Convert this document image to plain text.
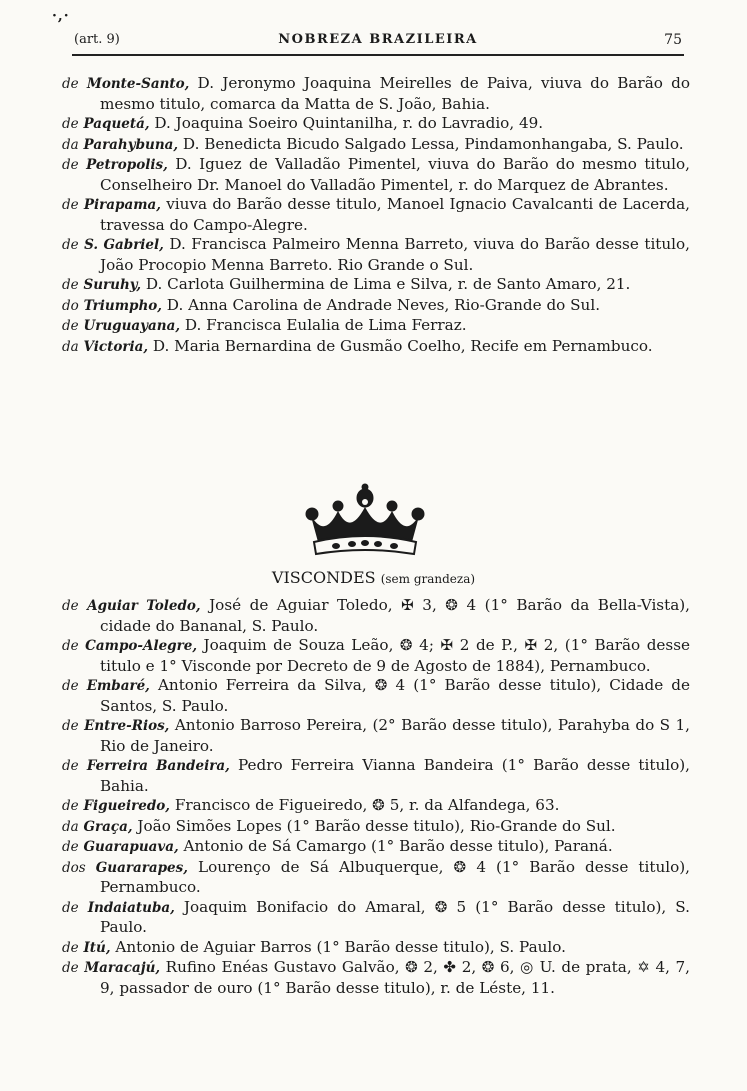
·,·
(art. 9)	NOBREZA BRAZILEIRA	75

de Monte-Santo, D. Jeronymo Joaquina Meirelles de Paiva, viuva do Barão do mesmo titulo, comarca da Matta de S. João, Bahia.

de Paquetá, D. Joaquina Soeiro Quintanilha, r. do Lavradio, 49.

da Parahybuna, D. Benedicta Bicudo Salgado Lessa, Pindamonhangaba, S. Paulo.

de Petropolis, D. Iguez de Valladão Pimentel, viuva do Barão do mesmo titulo, Conselheiro Dr. Manoel do Valladão Pimentel, r. do Marquez de Abrantes.

de Pirapama, viuva do Barão desse titulo, Manoel Ignacio Cavalcanti de Lacerda, travessa do Campo-Alegre.

de S. Gabriel, D. Francisca Palmeiro Menna Barreto, viuva do Barão desse titulo, João Procopio Menna Barreto. Rio Grande o Sul.

de Suruhy, D. Carlota Guilhermina de Lima e Silva, r. de Santo Amaro, 21.

do Triumpho, D. Anna Carolina de Andrade Neves, Rio-Grande do Sul.

de Uruguayana, D. Francisca Eulalia de Lima Ferraz.

da Victoria, D. Maria Bernardina de Gusmão Coelho, Recife em Pernambuco.

VISCONDES (sem grandeza)

de Aguiar Toledo, José de Aguiar Toledo, ✠ 3, ❂ 4 (1° Barão da Bella-Vista), cidade do Bananal, S. Paulo.

de Campo-Alegre, Joaquim de Souza Leão, ❂ 4; ✠ 2 de P., ✠ 2, (1° Barão desse titulo e 1° Visconde por Decreto de 9 de Agosto de 1884), Pernambuco.

de Embaré, Antonio Ferreira da Silva, ❂ 4 (1° Barão desse titulo), Cidade de Santos, S. Paulo.

de Entre-Rios, Antonio Barroso Pereira, (2° Barão desse titulo), Parahyba do S 1, Rio de Janeiro.

de Ferreira Bandeira, Pedro Ferreira Vianna Bandeira (1° Barão desse titulo), Bahia.

de Figueiredo, Francisco de Figueiredo, ❂ 5, r. da Alfandega, 63.

da Graça, João Simões Lopes (1° Barão desse titulo), Rio-Grande do Sul.

de Guarapuava, Antonio de Sá Camargo (1° Barão desse titulo), Paraná.

dos Guararapes, Lourenço de Sá Albuquerque, ❂ 4 (1° Barão desse titulo), Pernambuco.

de Indaiatuba, Joaquim Bonifacio do Amaral, ❂ 5 (1° Barão desse titulo), S. Paulo.

de Itú, Antonio de Aguiar Barros (1° Barão desse titulo), S. Paulo.

de Maracajú, Rufino Enéas Gustavo Galvão, ❂ 2, ✤ 2, ❂ 6, ◎ U. de prata, ✡ 4, 7, 9, passador de ouro (1° Barão desse titulo), r. de Léste, 11.
